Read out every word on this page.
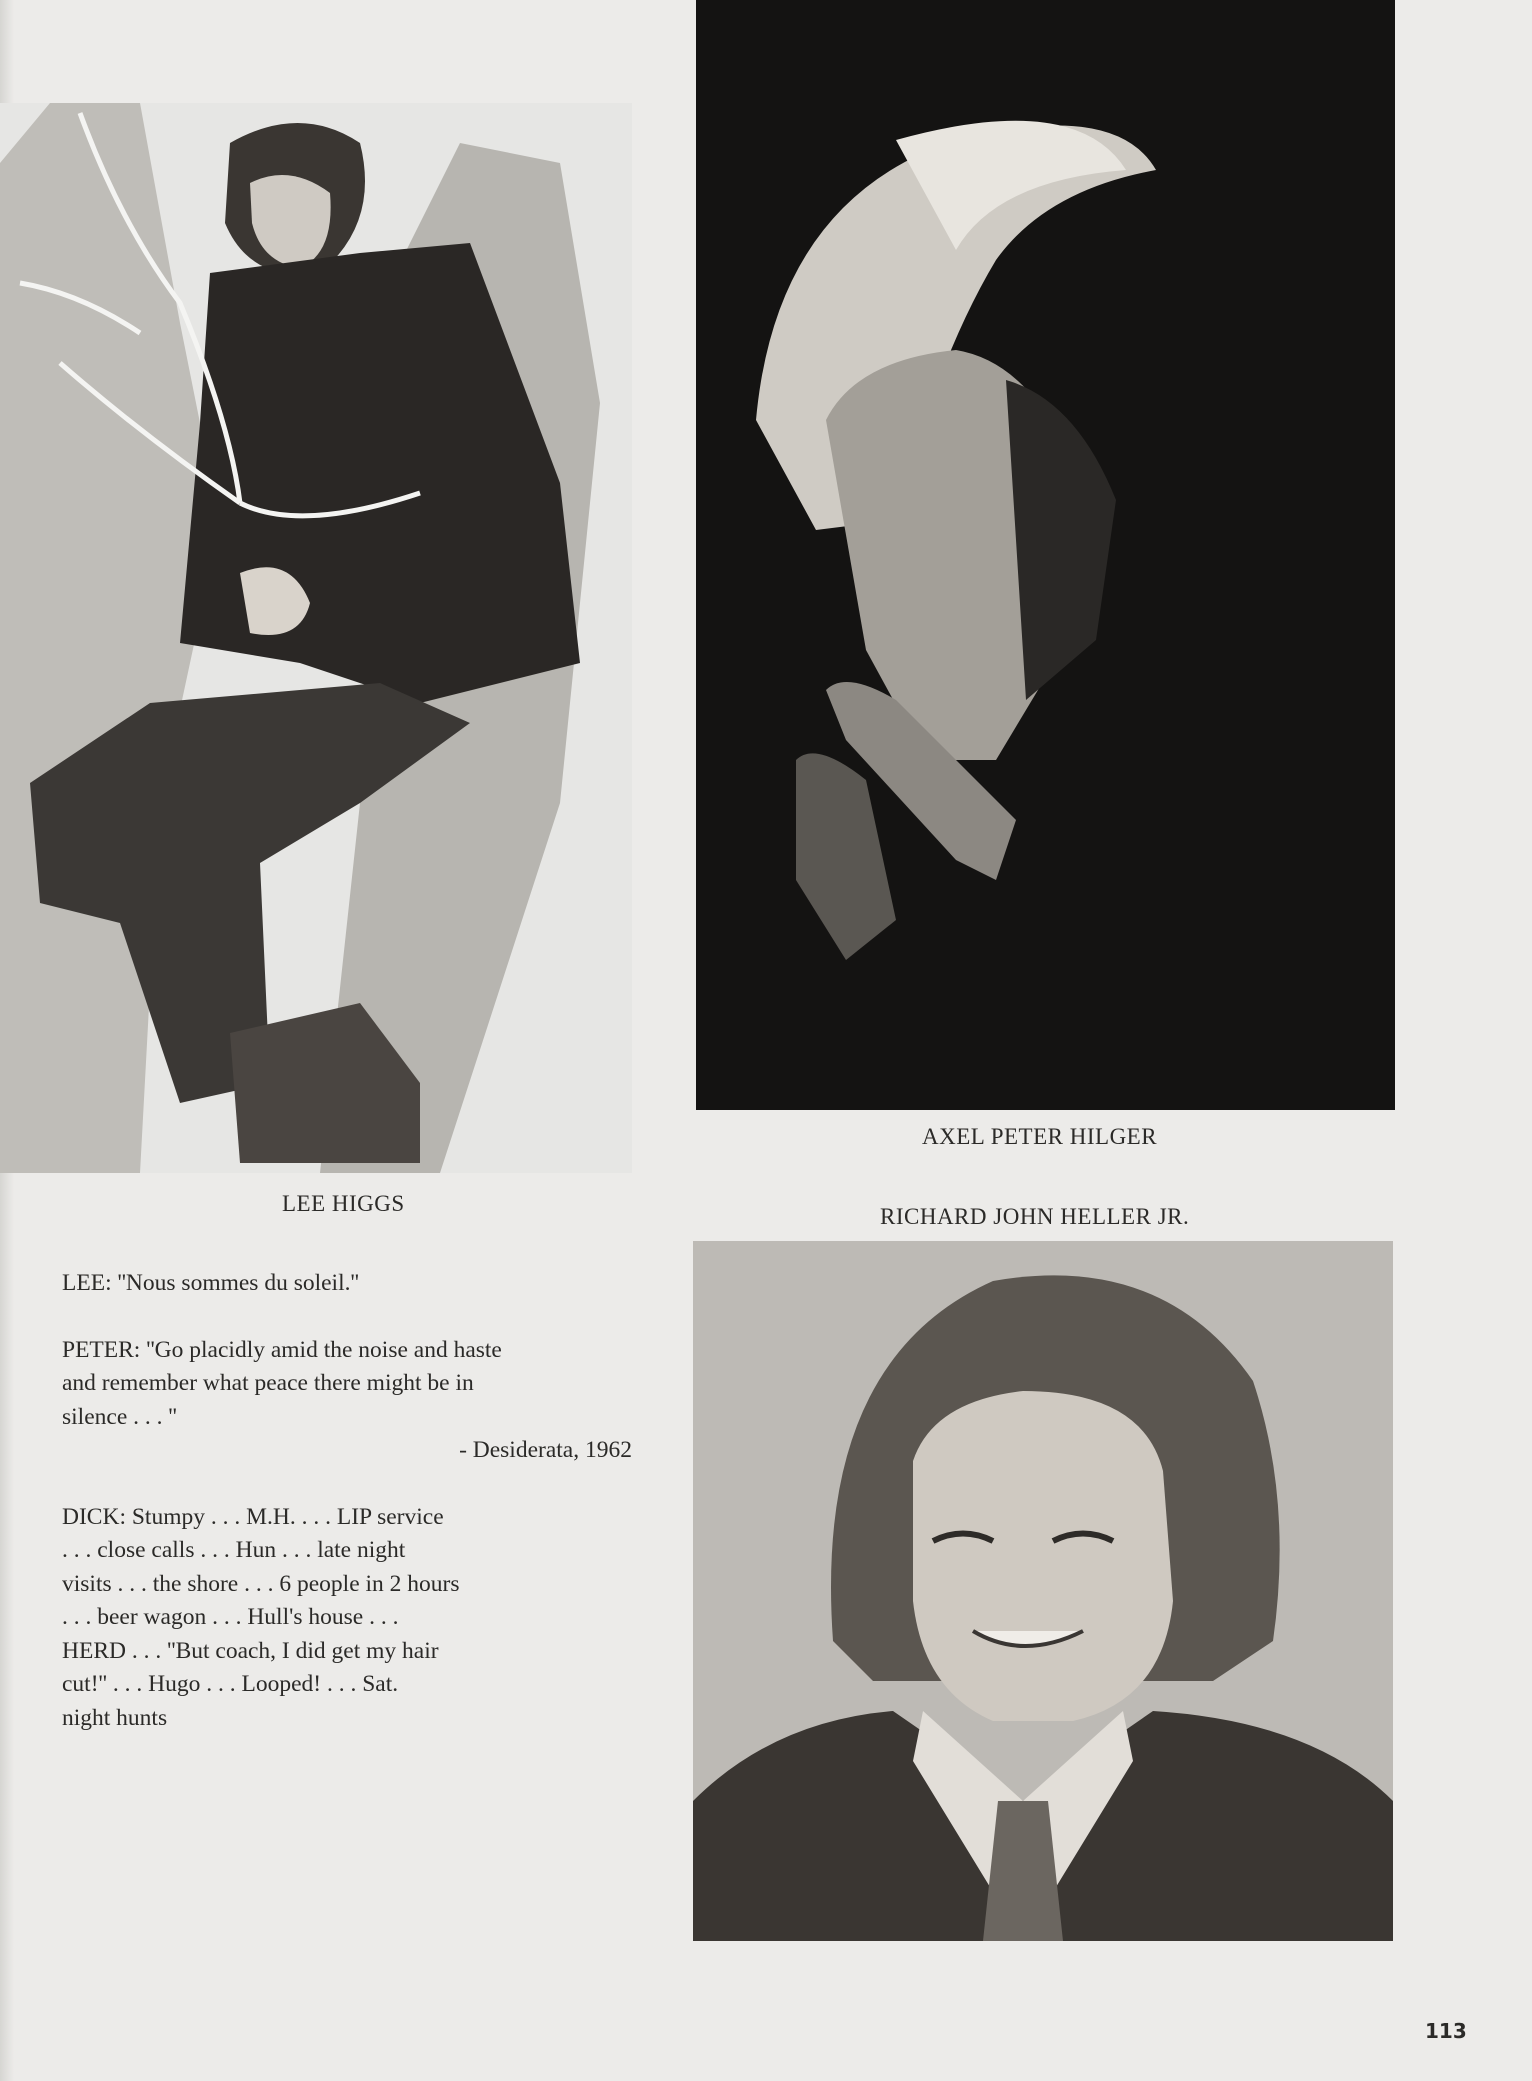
AXEL PETER HILGER
LEE HIGGS
RICHARD JOHN HELLER JR.

LEE: ''Nous sommes du soleil.''

PETER: ''Go placidly amid the noise and haste
and remember what peace there might be in
silence . . . ''
- Desiderata, 1962

DICK: Stumpy . . . M.H. . . . LIP service
. . . close calls . . . Hun . . . late night
visits . . . the shore . . . 6 people in 2 hours
. . . beer wagon . . . Hull's house . . .
HERD . . . ''But coach, I did get my hair
cut!'' . . . Hugo . . . Looped! . . . Sat.
night hunts

113
